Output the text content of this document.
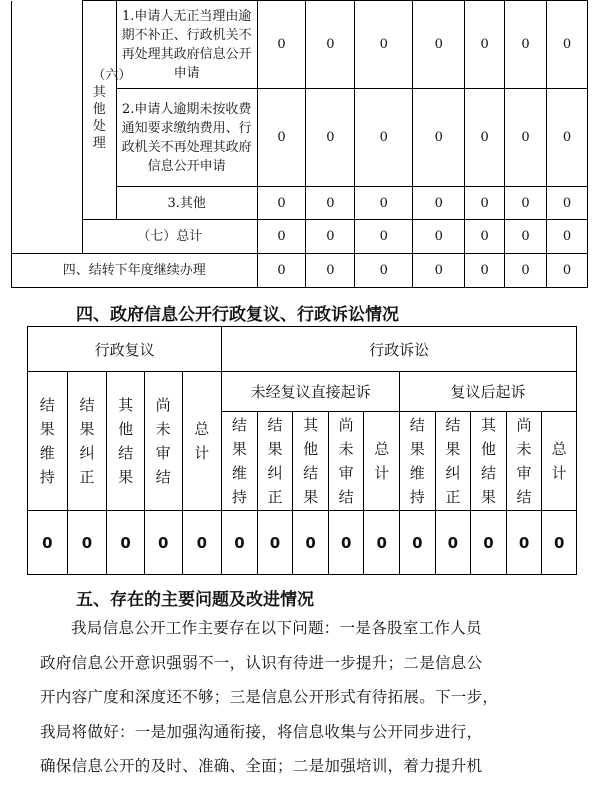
	（六）其他处理	1.申请人无正当理由逾期不补正、行政机关不再处理其政府信息公开申请	0	0	0	0	0	0	0
		2.申请人逾期未按收费通知要求缴纳费用、行政机关不再处理其政府信息公开申请	0	0	0	0	0	0	0
		3.其他	0	0	0	0	0	0	0
	（七）总计		0	0	0	0	0	0	0
四、结转下年度继续办理			0	0	0	0	0	0	0
四、政府信息公开行政复议、行政诉讼情况
行政复议					行政诉讼									
结果维持	结果纠正	其他结果	尚未审结	总计	未经复议直接起诉					复议后起诉				
					结果维持	结果纠正	其他结果	尚未审结	总计	结果维持	结果纠正	其他结果	尚未审结	总计
0	0	0	0	0	0	0	0	0	0	0	0	0	0	0
五、存在的主要问题及改进情况

我局信息公开工作主要存在以下问题：一是各股室工作人员

政府信息公开意识强弱不一，认识有待进一步提升；二是信息公

开内容广度和深度还不够；三是信息公开形式有待拓展。下一步，

我局将做好：一是加强沟通衔接，将信息收集与公开同步进行，

确保信息公开的及时、准确、全面；二是加强培训，着力提升机
